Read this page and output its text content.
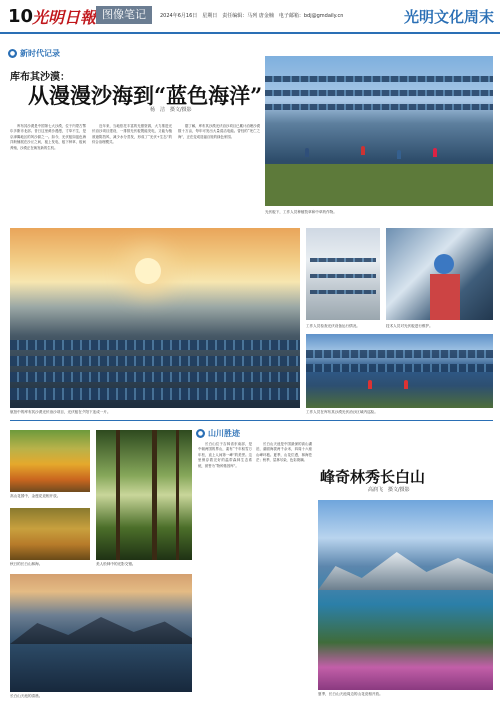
10
光明日報 图像笔记	2024年6月16日　星期日　责任编辑：马列 唐金楠　电子邮箱：bdj@gmdaily.cn	光明文化周末
● 新时代记录
库布其沙漠：
从漫漫沙海到“蓝色海洋”
杨　洁　摄文/摄影

库布其沙漠是中国第七大沙漠，位于内蒙古鄂尔多斯市北部。昔日这里黄沙漫漫，寸草不生，是京津冀地区的风沙源之一。如今，光伏板如蓝色海洋般铺展在沙丘之间，板上发电、板下种草、板间养殖，沙漠正在焕发新的生机。

近年来，当地依托丰富的光照资源，大力推进光伏治沙项目建设，一排排光伏板既能发电，又能为植被遮阴挡风、减少水分蒸发，形成了“光伏+生态”的综合治理模式。

据了解，库布其沙漠光伏治沙项目已累计治理沙漠数十万亩，每年可发出大量清洁电能。曾经的“死亡之海”，正在变成造福百姓的绿色家园。

光伏板下，工作人员种植牧草和中草药作物。
航拍中的库布其沙漠光伏治沙项目，光伏板在夕阳下连成一片。
工作人员检查光伏设备运行情况。	技术人员对光伏板进行维护。
工作人员在库布其沙漠光伏治沙区域内巡检。
● 山川胜迹
高山花园中，金莲花竞相开放。
秋日的长白山林海。	美人松林中的光影交错。
长白山天池的清晨。

长白山位于吉林省东南部，是中朝两国的界山，素有“千年积雪万年松，直上人间第一峰”的美誉。这里保存着完好的温带森林生态系统，被誉为“物种基因库”。

长白山天池是中国最深的高山湖泊，湖面海拔两千余米，四周十六座山峰环抱。夏季，山花烂漫，林海苍茫；秋季，层林尽染，色彩斑斓。

峰奇林秀长白山
高润飞　摄文/摄影
夏季，长白山天池周边的山花竞相开放。
